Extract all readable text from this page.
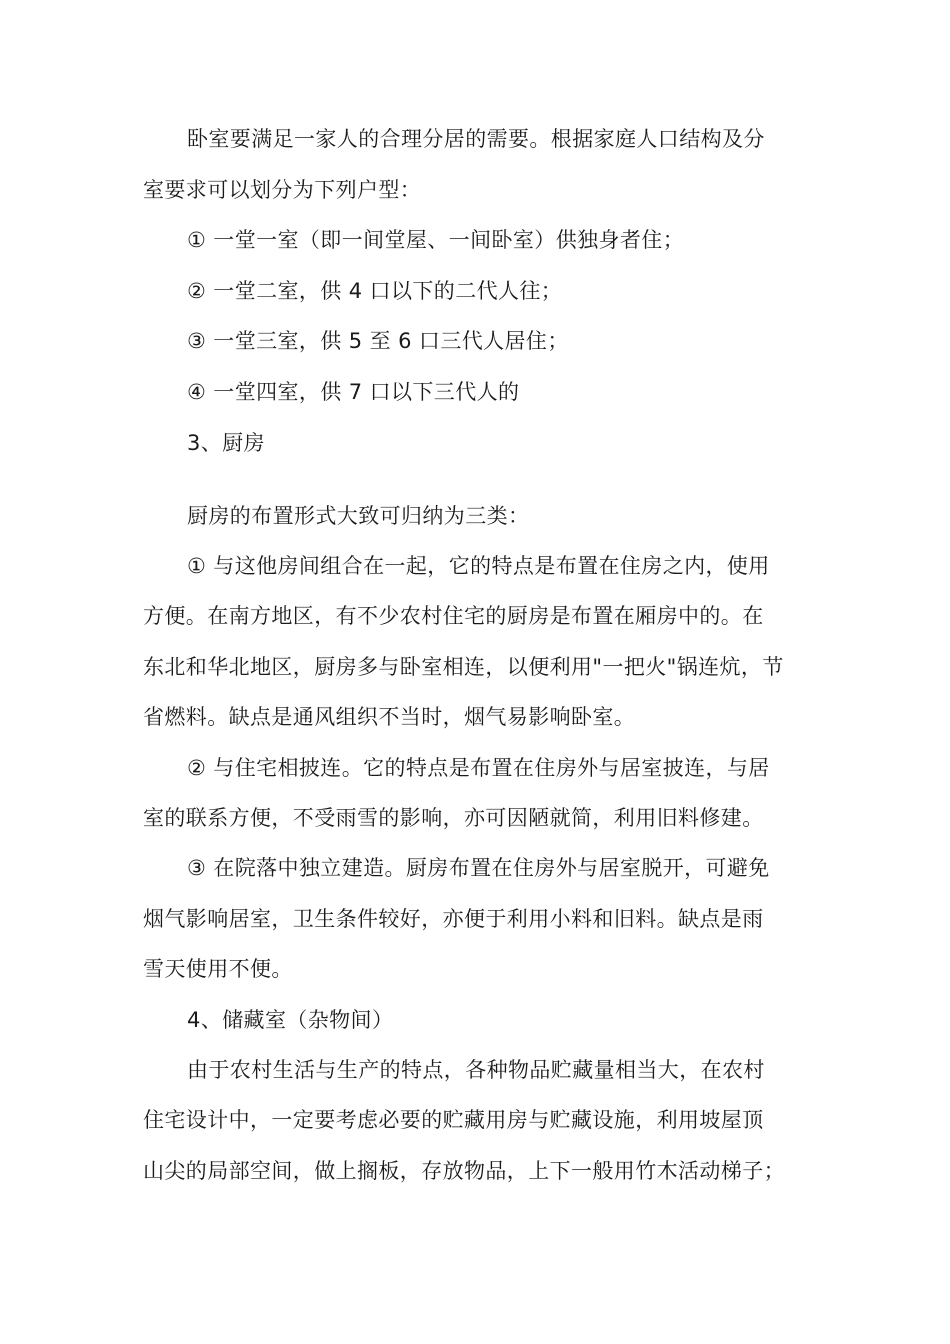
卧室要满足一家人的合理分居的需要。根据家庭人口结构及分
室要求可以划分为下列户型：
① 一堂一室（即一间堂屋、一间卧室）供独身者住；
② 一堂二室，供 4 口以下的二代人往；
③ 一堂三室，供 5 至 6 口三代人居住；
④ 一堂四室，供 7 口以下三代人的
3、厨房
厨房的布置形式大致可归纳为三类：
① 与这他房间组合在一起，它的特点是布置在住房之内，使用
方便。在南方地区，有不少农村住宅的厨房是布置在厢房中的。在
东北和华北地区，厨房多与卧室相连，以便利用"一把火"锅连炕，节
省燃料。缺点是通风组织不当时，烟气易影响卧室。
② 与住宅相披连。它的特点是布置在住房外与居室披连，与居
室的联系方便，不受雨雪的影响，亦可因陋就简，利用旧料修建。
③ 在院落中独立建造。厨房布置在住房外与居室脱开，可避免
烟气影响居室，卫生条件较好，亦便于利用小料和旧料。缺点是雨
雪天使用不便。
4、储藏室（杂物间）
由于农村生活与生产的特点，各种物品贮藏量相当大，在农村
住宅设计中，一定要考虑必要的贮藏用房与贮藏设施，利用坡屋顶
山尖的局部空间，做上搁板，存放物品，上下一般用竹木活动梯子；
